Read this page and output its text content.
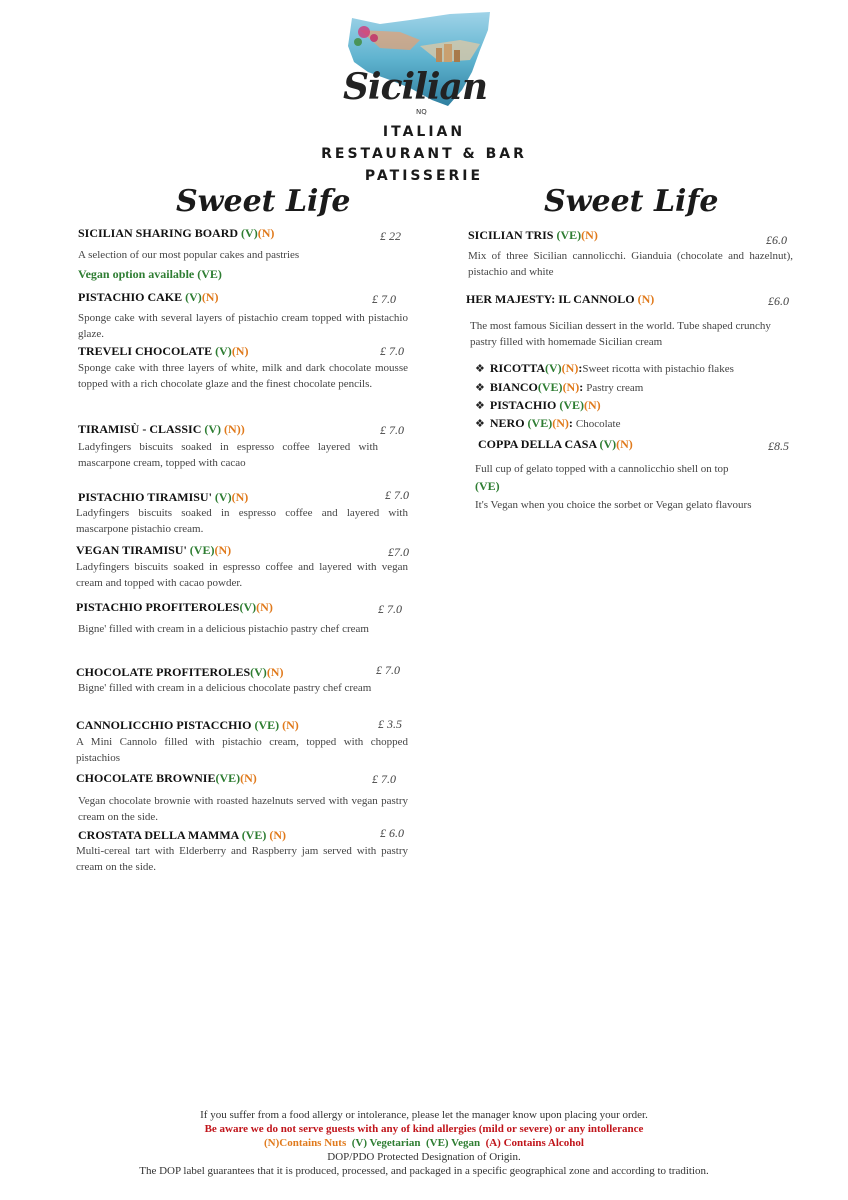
Sicilian
NQ
ITALIAN
RESTAURANT & BAR
PATISSERIE
Sweet Life	Sweet Life
SICILIAN SHARING BOARD (V)(N)	£ 22
A selection of our most popular cakes and pastries
Vegan option available (VE)
PISTACHIO CAKE (V)(N)	£ 7.0
Sponge cake with several layers of pistachio cream topped with pistachio glaze.
TREVELI CHOCOLATE (V)(N)	£ 7.0
Sponge cake with three layers of white, milk and dark chocolate mousse topped with a rich chocolate glaze and the finest chocolate pencils.
TIRAMISÙ - CLASSIC (V) (N))	£ 7.0
Ladyfingers biscuits soaked in espresso coffee layered with mascarpone cream, topped with cacao
PISTACHIO TIRAMISU' (V)(N)	£ 7.0
Ladyfingers biscuits soaked in espresso coffee and layered with mascarpone pistachio cream.
VEGAN TIRAMISU' (VE)(N)	£7.0
Ladyfingers biscuits soaked in espresso coffee and layered with vegan cream and topped with cacao powder.
PISTACHIO PROFITEROLES(V)(N)	£ 7.0
Bigne' filled with cream in a delicious pistachio pastry chef cream
CHOCOLATE PROFITEROLES(V)(N)	£ 7.0
Bigne' filled with cream in a delicious chocolate pastry chef cream
CANNOLICCHIO PISTACCHIO (VE) (N)	£ 3.5
A Mini Cannolo filled with pistachio cream, topped with chopped pistachios
CHOCOLATE BROWNIE(VE)(N)	£ 7.0
Vegan chocolate brownie with roasted hazelnuts served with vegan pastry cream on the side.
CROSTATA DELLA MAMMA (VE) (N)	£ 6.0
Multi-cereal tart with Elderberry and Raspberry jam served with pastry cream on the side.
SICILIAN TRIS (VE)(N)	£6.0
Mix of three Sicilian cannolicchi. Gianduia (chocolate and hazelnut), pistachio and white
HER MAJESTY: IL CANNOLO (N)	£6.0
The most famous Sicilian dessert in the world. Tube shaped crunchy pastry filled with homemade Sicilian cream
❖ RICOTTA(V)(N):Sweet ricotta with pistachio flakes
❖ BIANCO(VE)(N): Pastry cream
❖ PISTACHIO (VE)(N)
❖ NERO (VE)(N): Chocolate
COPPA DELLA CASA (V)(N)	£8.5
Full cup of gelato topped with a cannolicchio shell on top
(VE)
It's Vegan when you choice the sorbet or Vegan gelato flavours
If you suffer from a food allergy or intolerance, please let the manager know upon placing your order.
Be aware we do not serve guests with any of kind allergies (mild or severe) or any intollerance
(N)Contains Nuts (V) Vegetarian (VE) Vegan (A) Contains Alcohol
DOP/PDO Protected Designation of Origin.
The DOP label guarantees that it is produced, processed, and packaged in a specific geographical zone and according to tradition.
